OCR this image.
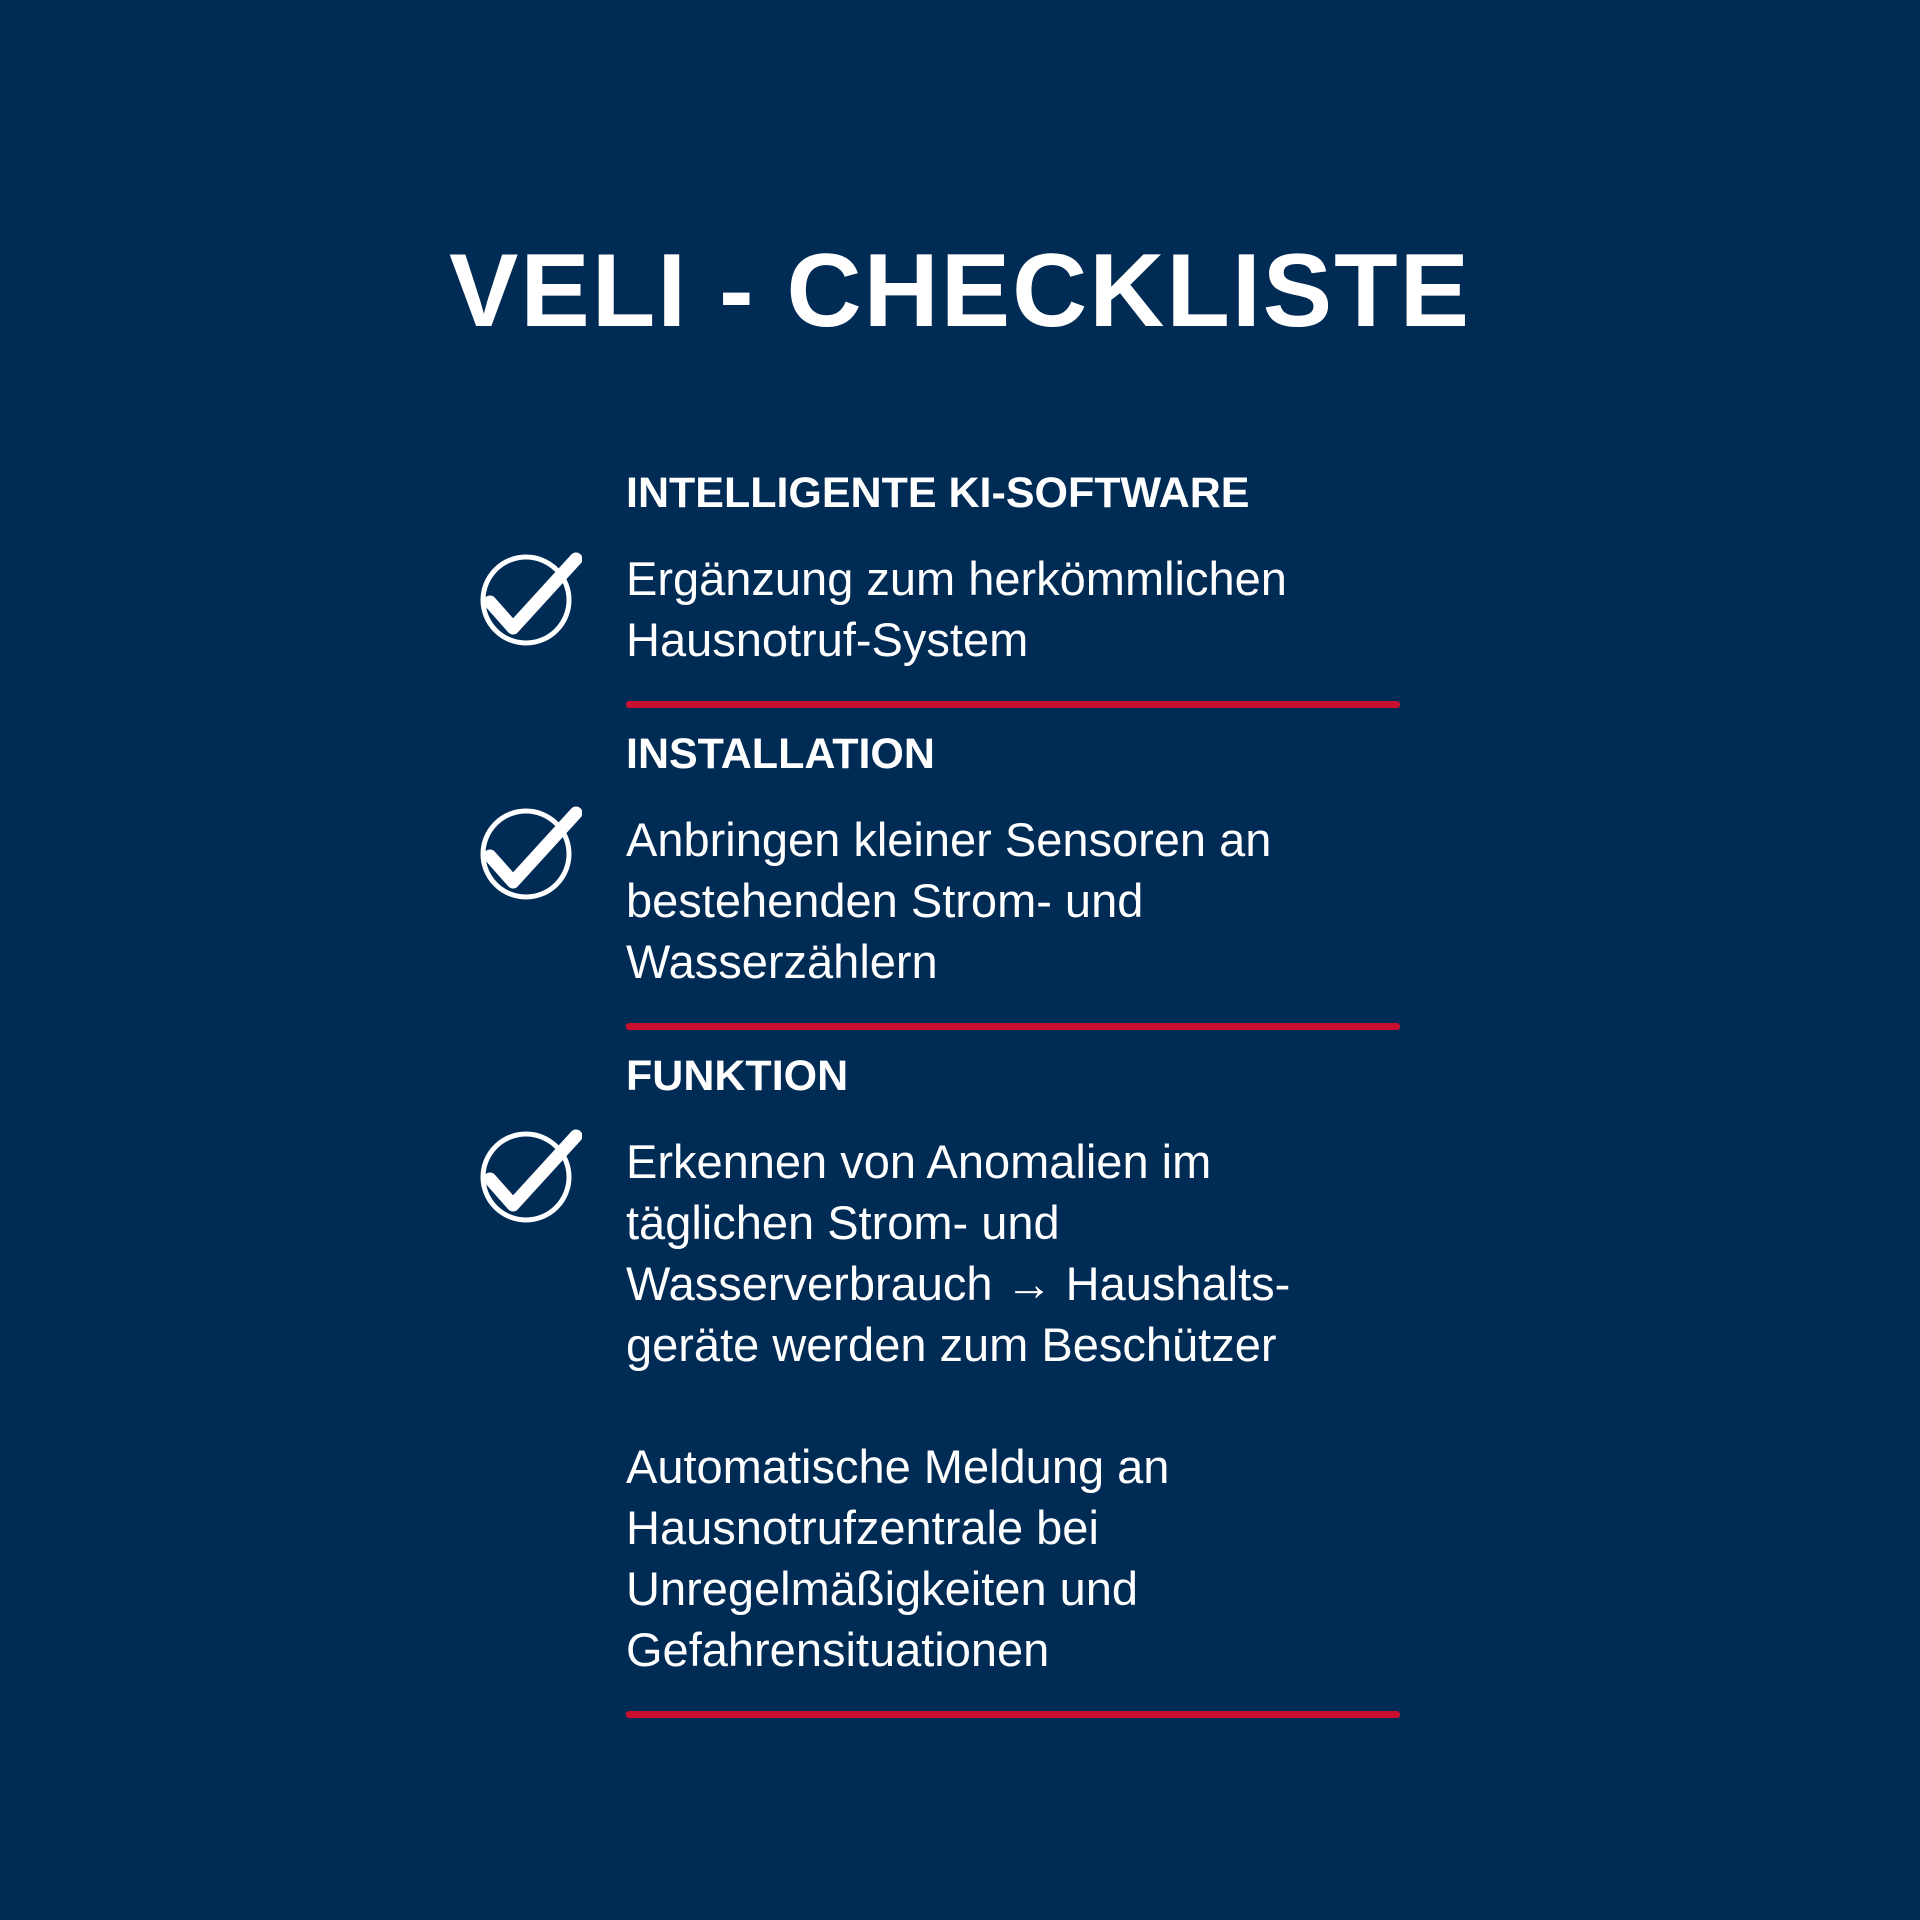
VELI - CHECKLISTE
INTELLIGENTE KI-SOFTWARE
Ergänzung zum herkömmlichen
Hausnotruf-System
INSTALLATION
Anbringen kleiner Sensoren an
bestehenden Strom- und
Wasserzählern
FUNKTION
Erkennen von Anomalien im
täglichen Strom- und
Wasserverbrauch → Haushalts-
geräte werden zum Beschützer
Automatische Meldung an
Hausnotrufzentrale bei
Unregelmäßigkeiten und
Gefahrensituationen
